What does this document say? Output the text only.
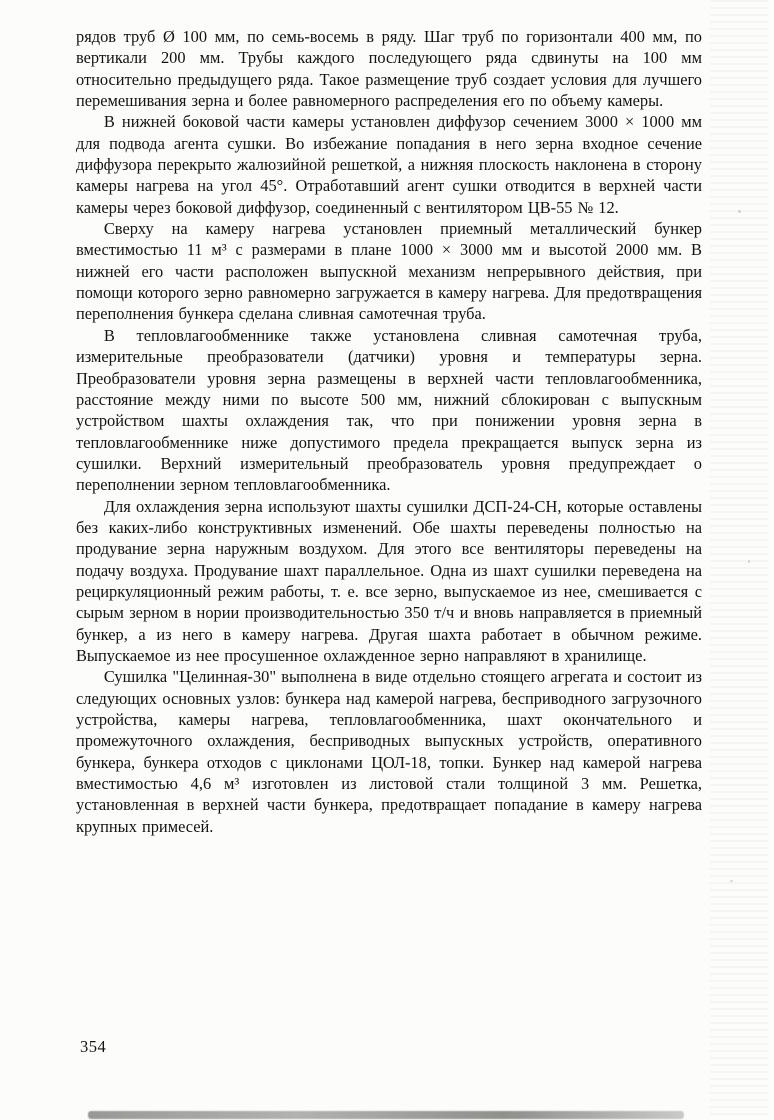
рядов труб Ø 100 мм, по семь-восемь в ряду. Шаг труб по горизонтали 400 мм, по вертикали 200 мм. Трубы каждого последующего ряда сдвинуты на 100 мм относительно предыдущего ряда. Такое размещение труб создает условия для лучшего перемешивания зерна и более равномерного распределения его по объему камеры.

В нижней боковой части камеры установлен диффузор сечением 3000 × 1000 мм для подвода агента сушки. Во избежание попадания в него зерна входное сечение диффузора перекрыто жалюзийной решеткой, а нижняя плоскость наклонена в сторону камеры нагрева на угол 45°. Отработавший агент сушки отводится в верхней части камеры через боковой диффузор, соединенный с вентилятором ЦВ-55 № 12.

Сверху на камеру нагрева установлен приемный металлический бункер вместимостью 11 м³ с размерами в плане 1000 × 3000 мм и высотой 2000 мм. В нижней его части расположен выпускной механизм непрерывного действия, при помощи которого зерно равномерно загружается в камеру нагрева. Для предотвращения переполнения бункера сделана сливная самотечная труба.

В тепловлагообменнике также установлена сливная самотечная труба, измерительные преобразователи (датчики) уровня и температуры зерна. Преобразователи уровня зерна размещены в верхней части тепловлагообменника, расстояние между ними по высоте 500 мм, нижний сблокирован с выпускным устройством шахты охлаждения так, что при понижении уровня зерна в тепловлагообменнике ниже допустимого предела прекращается выпуск зерна из сушилки. Верхний измерительный преобразователь уровня предупреждает о переполнении зерном тепловлагообменника.

Для охлаждения зерна используют шахты сушилки ДСП-24-СН, которые оставлены без каких-либо конструктивных изменений. Обе шахты переведены полностью на продувание зерна наружным воздухом. Для этого все вентиляторы переведены на подачу воздуха. Продувание шахт параллельное. Одна из шахт сушилки переведена на рециркуляционный режим работы, т. е. все зерно, выпускаемое из нее, смешивается с сырым зерном в нории производительностью 350 т/ч и вновь направляется в приемный бункер, а из него в камеру нагрева. Другая шахта работает в обычном режиме. Выпускаемое из нее просушенное охлажденное зерно направляют в хранилище.

Сушилка "Целинная-30" выполнена в виде отдельно стоящего агрегата и состоит из следующих основных узлов: бункера над камерой нагрева, бесприводного загрузочного устройства, камеры нагрева, тепловлагообменника, шахт окончательного и промежуточного охлаждения, бесприводных выпускных устройств, оперативного бункера, бункера отходов с циклонами ЦОЛ-18, топки. Бункер над камерой нагрева вместимостью 4,6 м³ изготовлен из листовой стали толщиной 3 мм. Решетка, установленная в верхней части бункера, предотвращает попадание в камеру нагрева крупных примесей.

354
